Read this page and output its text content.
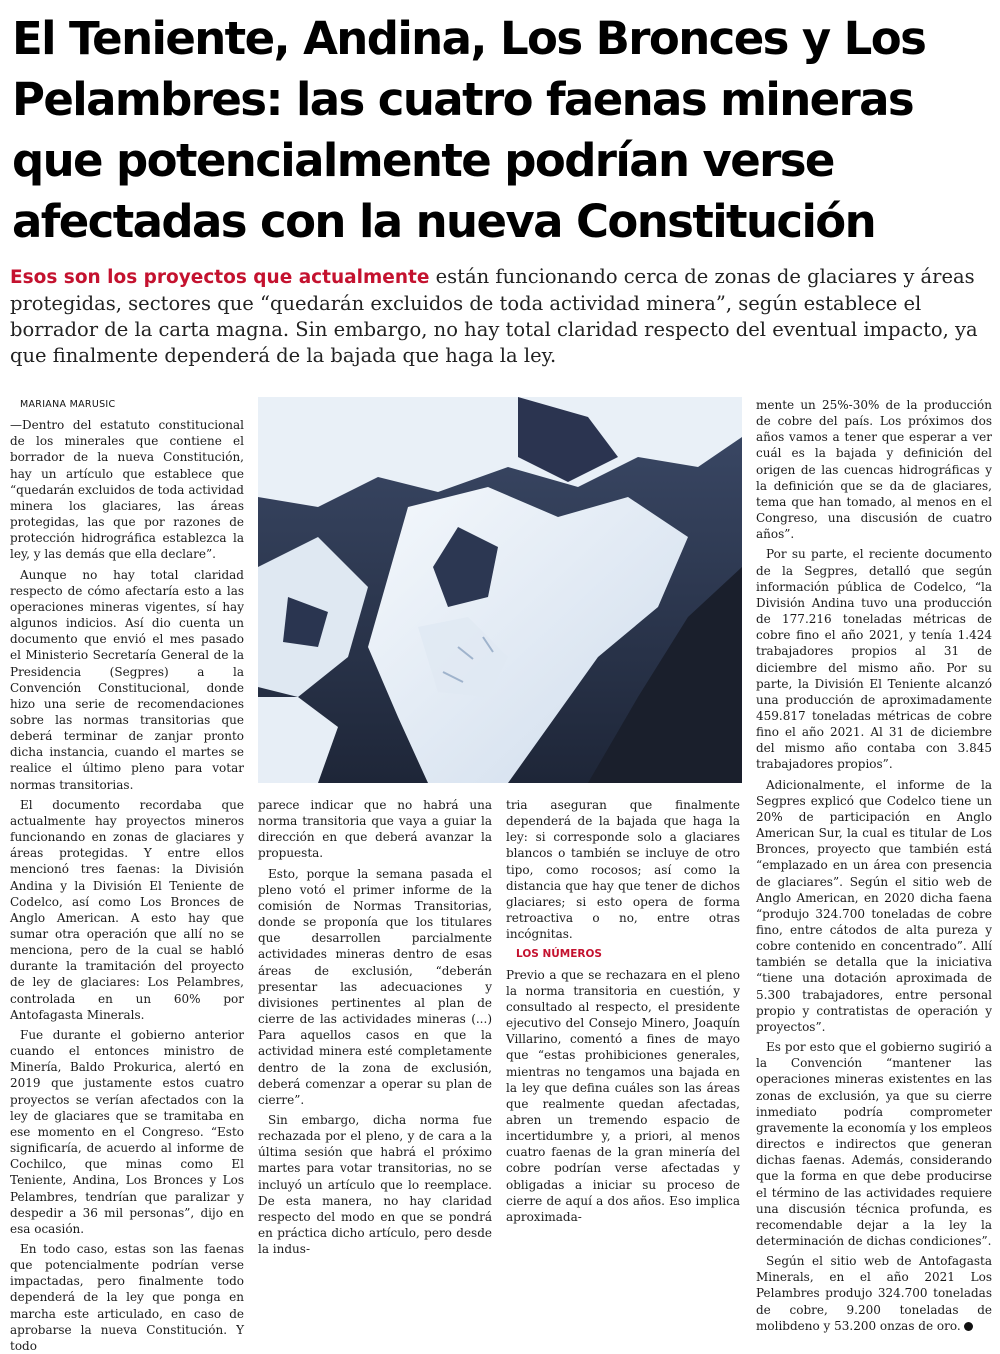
El Teniente, Andina, Los Bronces y Los Pelambres: las cuatro faenas mineras que potencialmente podrían verse afectadas con la nueva Constitución

Esos son los proyectos que actualmente están funcionando cerca de zonas de glaciares y áreas protegidas, sectores que “quedarán excluidos de toda actividad minera”, según establece el borrador de la carta magna. Sin embargo, no hay total claridad respecto del eventual impacto, ya que finalmente dependerá de la bajada que haga la ley.

MARIANA MARUSIC

—Dentro del estatuto constitucional de los minerales que contiene el borrador de la nueva Constitución, hay un artículo que establece que “quedarán excluidos de toda actividad minera los glaciares, las áreas protegidas, las que por razones de protección hidrográfica establezca la ley, y las demás que ella declare”.

Aunque no hay total claridad respecto de cómo afectaría esto a las operaciones mineras vigentes, sí hay algunos indicios. Así dio cuenta un documento que envió el mes pasado el Ministerio Secretaría General de la Presidencia (Segpres) a la Convención Constitucional, donde hizo una serie de recomendaciones sobre las normas transitorias que deberá terminar de zanjar pronto dicha instancia, cuando el martes se realice el último pleno para votar normas transitorias.

El documento recordaba que actualmente hay proyectos mineros funcionando en zonas de glaciares y áreas protegidas. Y entre ellos mencionó tres faenas: la División Andina y la División El Teniente de Codelco, así como Los Bronces de Anglo American. A esto hay que sumar otra operación que allí no se menciona, pero de la cual se habló durante la tramitación del proyecto de ley de glaciares: Los Pelambres, controlada en un 60% por Antofagasta Minerals.

Fue durante el gobierno anterior cuando el entonces ministro de Minería, Baldo Prokurica, alertó en 2019 que justamente estos cuatro proyectos se verían afectados con la ley de glaciares que se tramitaba en ese momento en el Congreso. “Esto significaría, de acuerdo al informe de Cochilco, que minas como El Teniente, Andina, Los Bronces y Los Pelambres, tendrían que paralizar y despedir a 36 mil personas”, dijo en esa ocasión.

En todo caso, estas son las faenas que potencialmente podrían verse impactadas, pero finalmente todo dependerá de la ley que ponga en marcha este articulado, en caso de aprobarse la nueva Constitución. Y todo

parece indicar que no habrá una norma transitoria que vaya a guiar la dirección en que deberá avanzar la propuesta.

Esto, porque la semana pasada el pleno votó el primer informe de la comisión de Normas Transitorias, donde se proponía que los titulares que desarrollen parcialmente actividades mineras dentro de esas áreas de exclusión, “deberán presentar las adecuaciones y divisiones pertinentes al plan de cierre de las actividades mineras (...) Para aquellos casos en que la actividad minera esté completamente dentro de la zona de exclusión, deberá comenzar a operar su plan de cierre”.

Sin embargo, dicha norma fue rechazada por el pleno, y de cara a la última sesión que habrá el próximo martes para votar transitorias, no se incluyó un artículo que lo reemplace. De esta manera, no hay claridad respecto del modo en que se pondrá en práctica dicho artículo, pero desde la indus-

tria aseguran que finalmente dependerá de la bajada que haga la ley: si corresponde solo a glaciares blancos o también se incluye de otro tipo, como rocosos; así como la distancia que hay que tener de dichos glaciares; si esto opera de forma retroactiva o no, entre otras incógnitas.

LOS NÚMEROS

Previo a que se rechazara en el pleno la norma transitoria en cuestión, y consultado al respecto, el presidente ejecutivo del Consejo Minero, Joaquín Villarino, comentó a fines de mayo que “estas prohibiciones generales, mientras no tengamos una bajada en la ley que defina cuáles son las áreas que realmente quedan afectadas, abren un tremendo espacio de incertidumbre y, a priori, al menos cuatro faenas de la gran minería del cobre podrían verse afectadas y obligadas a iniciar su proceso de cierre de aquí a dos años. Eso implica aproximada-

mente un 25%-30% de la producción de cobre del país. Los próximos dos años vamos a tener que esperar a ver cuál es la bajada y definición del origen de las cuencas hidrográficas y la definición que se da de glaciares, tema que han tomado, al menos en el Congreso, una discusión de cuatro años”.

Por su parte, el reciente documento de la Segpres, detalló que según información pública de Codelco, “la División Andina tuvo una producción de 177.216 toneladas métricas de cobre fino el año 2021, y tenía 1.424 trabajadores propios al 31 de diciembre del mismo año. Por su parte, la División El Teniente alcanzó una producción de aproximadamente 459.817 toneladas métricas de cobre fino el año 2021. Al 31 de diciembre del mismo año contaba con 3.845 trabajadores propios”.

Adicionalmente, el informe de la Segpres explicó que Codelco tiene un 20% de participación en Anglo American Sur, la cual es titular de Los Bronces, proyecto que también está “emplazado en un área con presencia de glaciares”. Según el sitio web de Anglo American, en 2020 dicha faena “produjo 324.700 toneladas de cobre fino, entre cátodos de alta pureza y cobre contenido en concentrado”. Allí también se detalla que la iniciativa “tiene una dotación aproximada de 5.300 trabajadores, entre personal propio y contratistas de operación y proyectos”.

Es por esto que el gobierno sugirió a la Convención “mantener las operaciones mineras existentes en las zonas de exclusión, ya que su cierre inmediato podría comprometer gravemente la economía y los empleos directos e indirectos que generan dichas faenas. Además, considerando que la forma en que debe producirse el término de las actividades requiere una discusión técnica profunda, es recomendable dejar a la ley la determinación de dichas condiciones”.

Según el sitio web de Antofagasta Minerals, en el año 2021 Los Pelambres produjo 324.700 toneladas de cobre, 9.200 toneladas de molibdeno y 53.200 onzas de oro.
